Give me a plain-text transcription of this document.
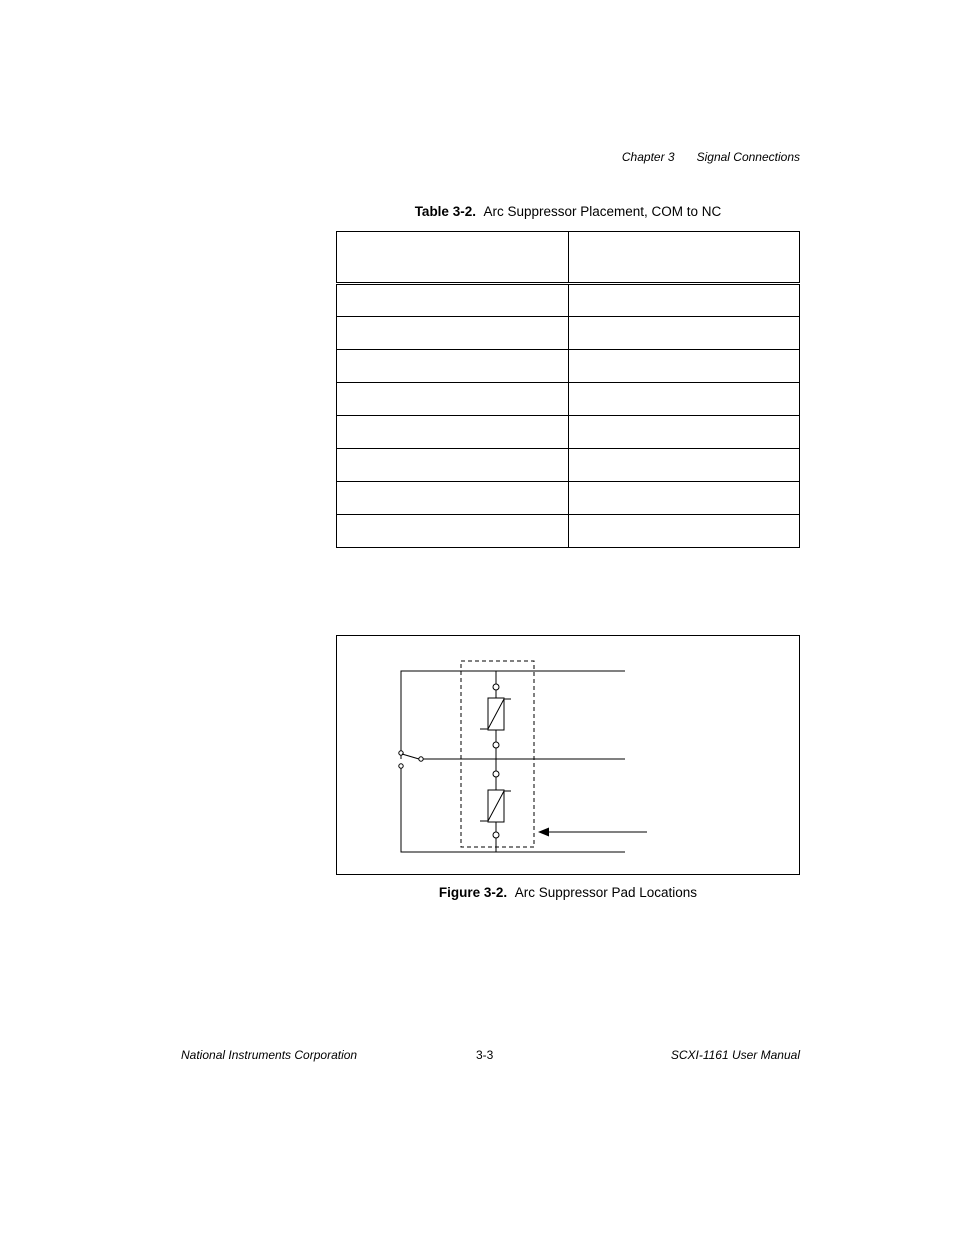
Chapter 3 Signal Connections
Table 3-2. Arc Suppressor Placement, COM to NC

Figure 3-2. Arc Suppressor Pad Locations
National Instruments Corporation	3-3	SCXI-1161 User Manual
